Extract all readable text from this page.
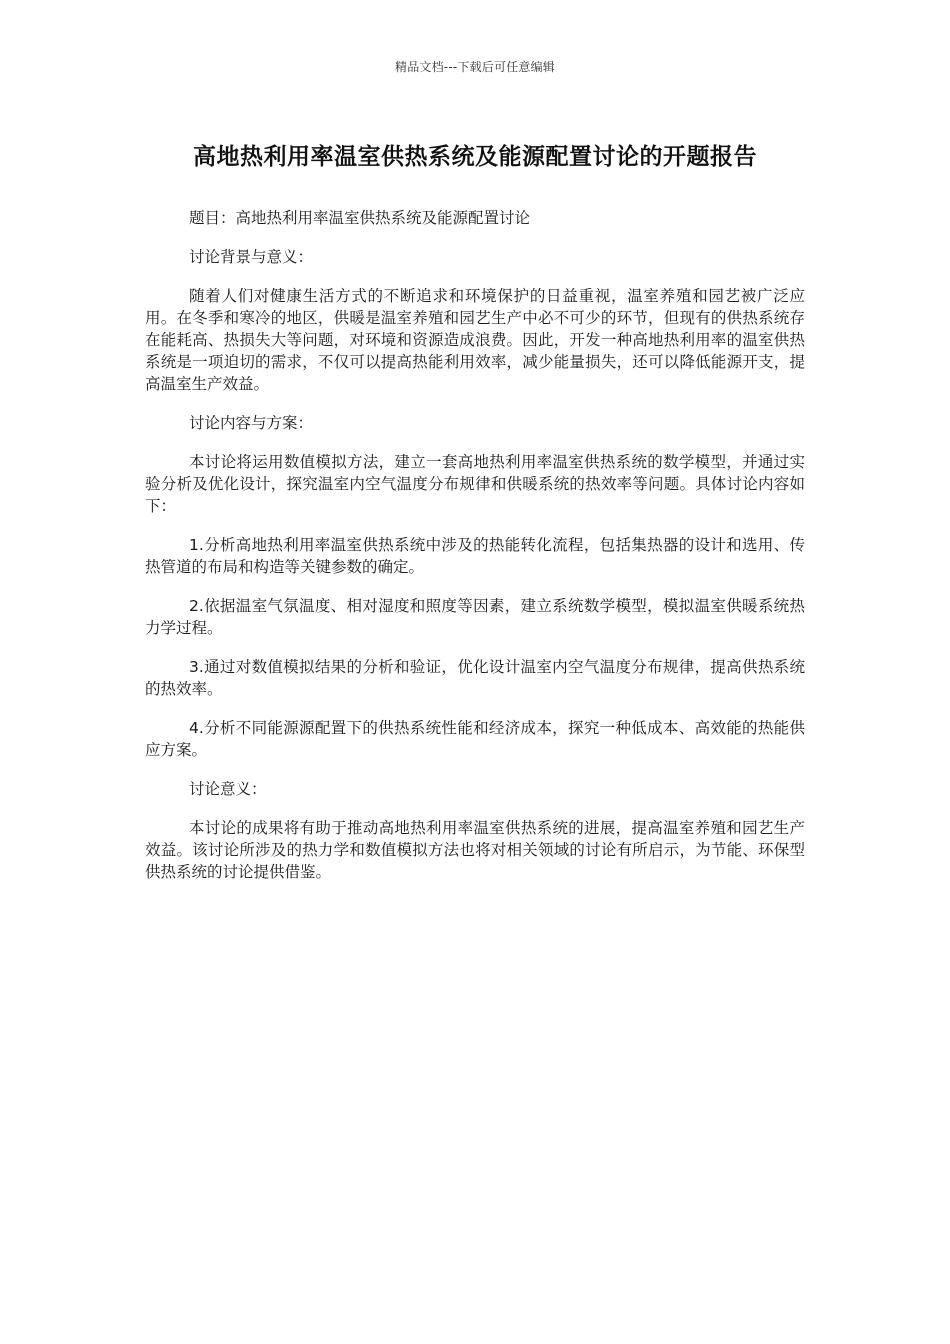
精品文档---下载后可任意编辑
高地热利用率温室供热系统及能源配置讨论的开题报告

题目：高地热利用率温室供热系统及能源配置讨论

讨论背景与意义：

随着人们对健康生活方式的不断追求和环境保护的日益重视，温室养殖和园艺被广泛应用。在冬季和寒冷的地区，供暖是温室养殖和园艺生产中必不可少的环节，但现有的供热系统存在能耗高、热损失大等问题，对环境和资源造成浪费。因此，开发一种高地热利用率的温室供热系统是一项迫切的需求，不仅可以提高热能利用效率，减少能量损失，还可以降低能源开支，提高温室生产效益。

讨论内容与方案：

本讨论将运用数值模拟方法，建立一套高地热利用率温室供热系统的数学模型，并通过实验分析及优化设计，探究温室内空气温度分布规律和供暖系统的热效率等问题。具体讨论内容如下：

1.分析高地热利用率温室供热系统中涉及的热能转化流程，包括集热器的设计和选用、传热管道的布局和构造等关键参数的确定。

2.依据温室气氛温度、相对湿度和照度等因素，建立系统数学模型，模拟温室供暖系统热力学过程。

3.通过对数值模拟结果的分析和验证，优化设计温室内空气温度分布规律，提高供热系统的热效率。

4.分析不同能源源配置下的供热系统性能和经济成本，探究一种低成本、高效能的热能供应方案。

讨论意义：

本讨论的成果将有助于推动高地热利用率温室供热系统的进展，提高温室养殖和园艺生产效益。该讨论所涉及的热力学和数值模拟方法也将对相关领域的讨论有所启示，为节能、环保型供热系统的讨论提供借鉴。
